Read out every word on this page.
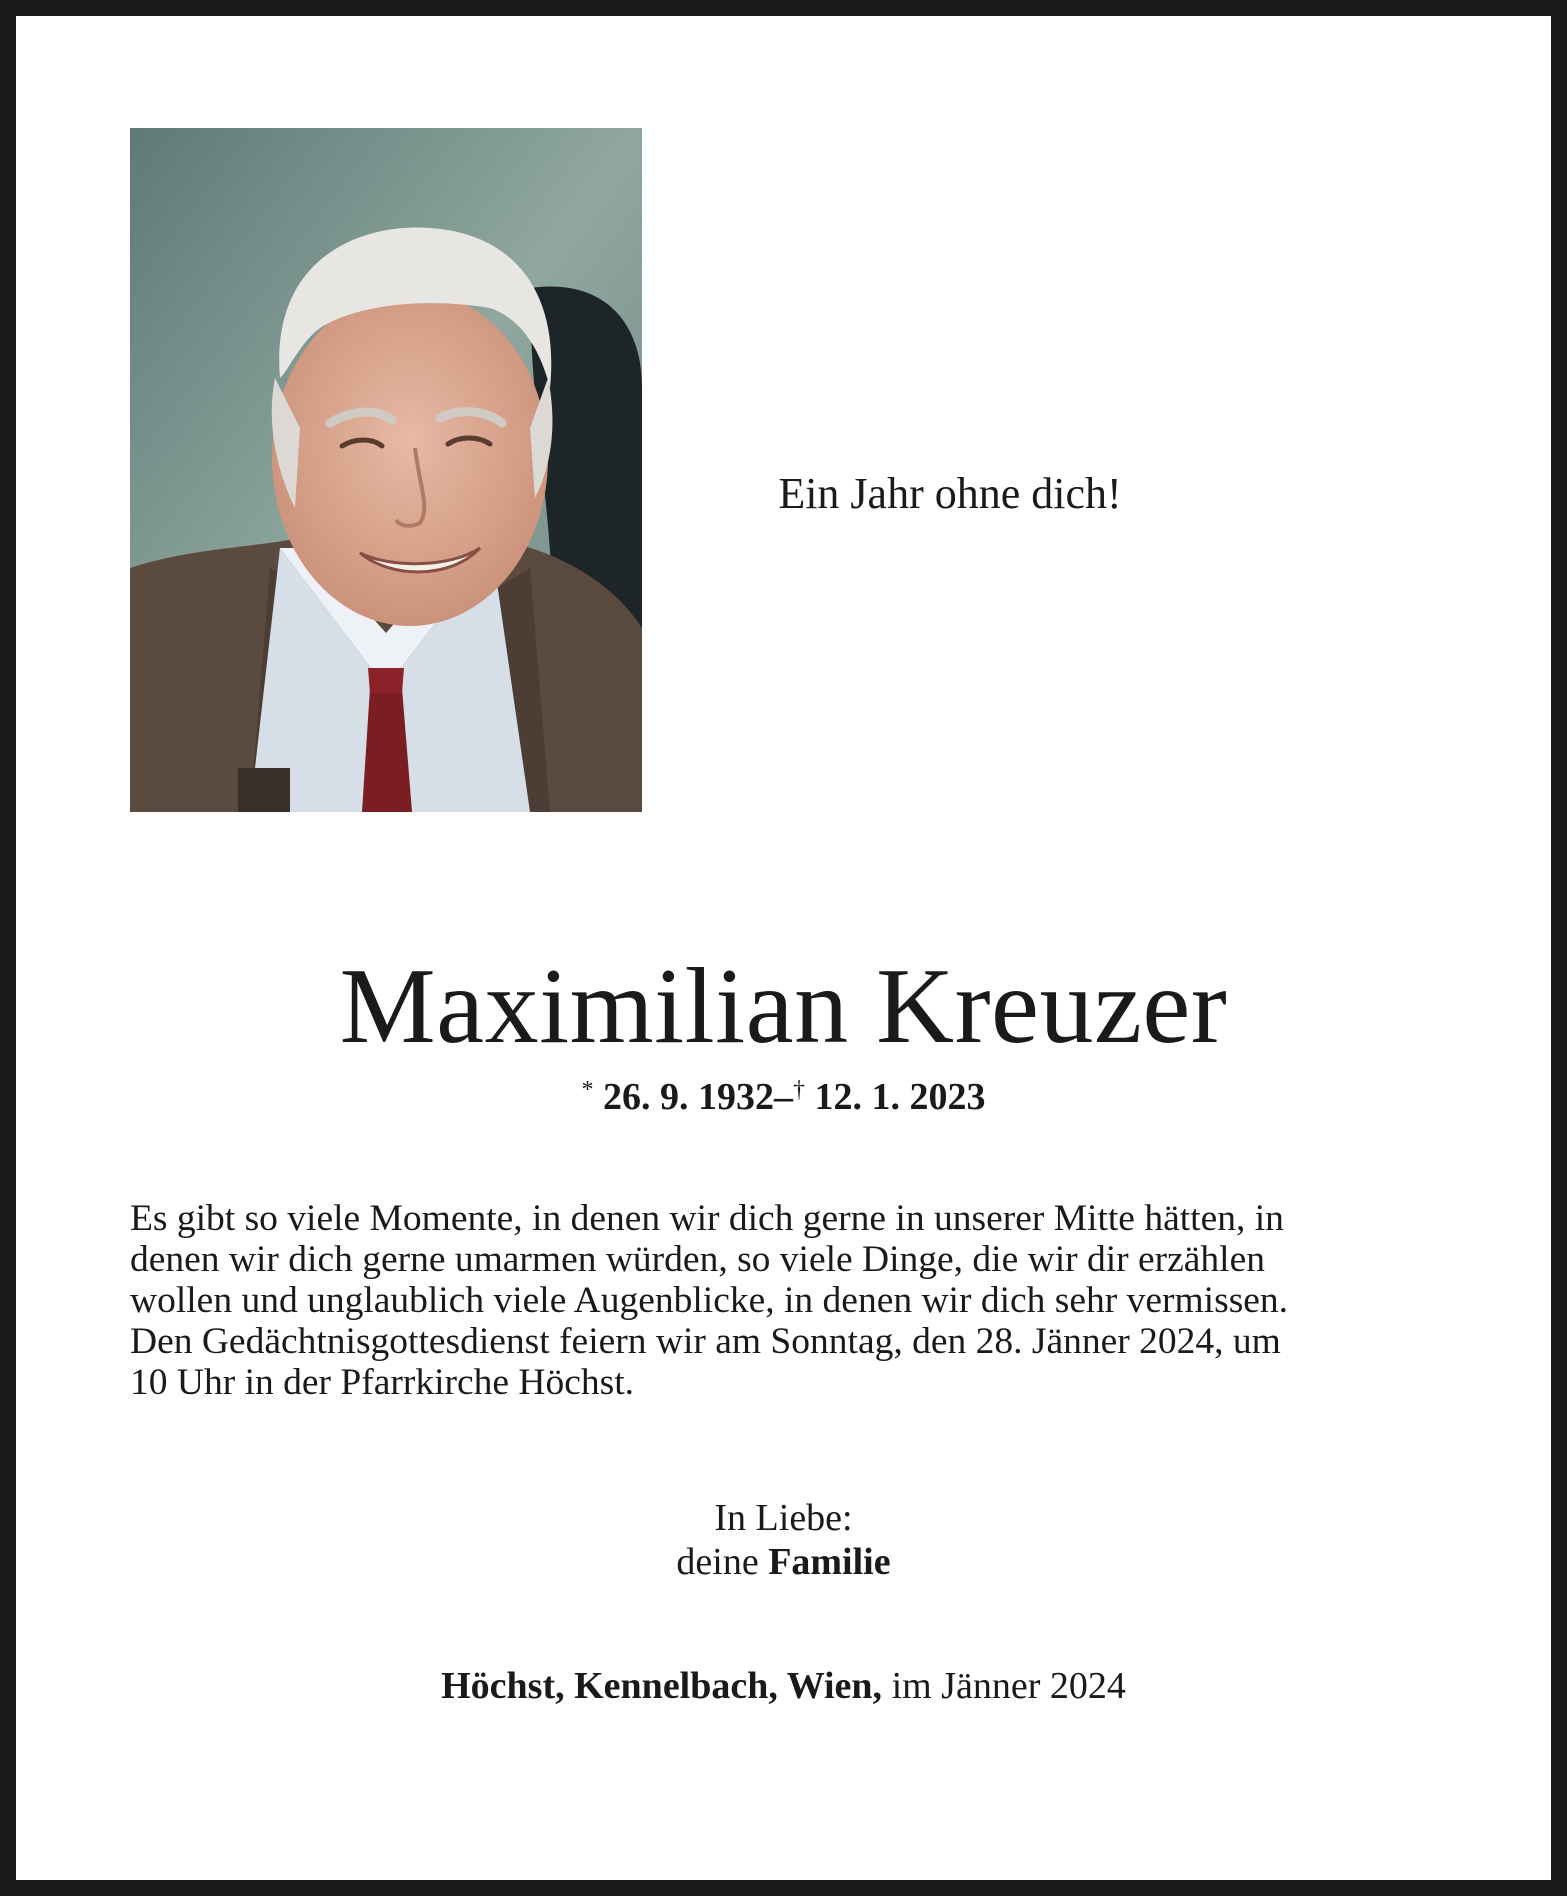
Ein Jahr ohne dich!
Maximilian Kreuzer
* 26. 9. 1932–† 12. 1. 2023

Es gibt so viele Momente, in denen wir dich gerne in unserer Mitte hätten, in

denen wir dich gerne umarmen würden, so viele Dinge, die wir dir erzählen

wollen und unglaublich viele Augenblicke, in denen wir dich sehr vermissen.

Den Gedächtnisgottesdienst feiern wir am Sonntag, den 28. Jänner 2024, um

10 Uhr in der Pfarrkirche Höchst.

In Liebe:
deine Familie
Höchst, Kennelbach, Wien, im Jänner 2024
